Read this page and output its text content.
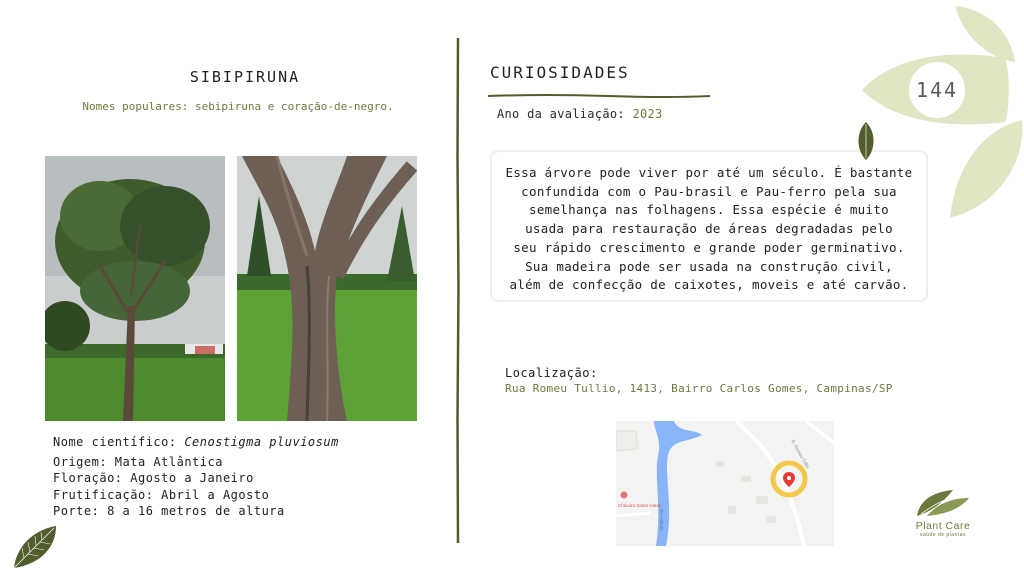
SIBIPIRUNA
Nomes populares: sebipiruna e coração-de-negro.
Nome científico: Cenostigma pluviosum
Origem: Mata Atlântica
Floração: Agosto a Janeiro
Frutificação: Abril a Agosto
Porte: 8 a 16 metros de altura
CURIOSIDADES
Ano da avaliação: 2023
Essa árvore pode viver por até um século. É bastante
confundida com o Pau-brasil e Pau-ferro pela sua
semelhança nas folhagens. Essa espécie é muito
usada para restauração de áreas degradadas pelo
seu rápido crescimento e grande poder germinativo.
Sua madeira pode ser usada na construção civil,
além de confecção de caixotes, moveis e até carvão.
Localização:
Rua Romeu Tullio, 1413, Bairro Carlos Gomes, Campinas/SP
Chácara Santa Isabel
R. Romeu Tullio
Rio Atibaia
144
Plant Care
saúde de plantas
